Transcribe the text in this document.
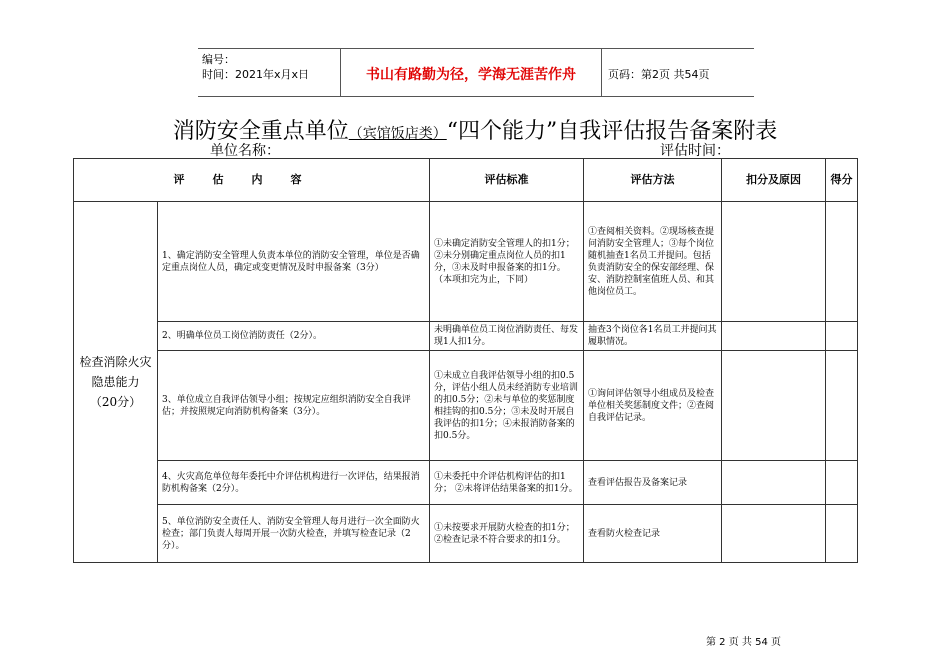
编号：
时间：2021年x月x日	书山有路勤为径，学海无涯苦作舟	页码：第2页 共54页
消防安全重点单位（宾馆饭店类）“四个能力”自我评估报告备案附表
单位名称：	评估时间：
评估内容		评估标准	评估方法	扣分及原因	得分
检查消除火灾隐患能力（20分）	1、确定消防安全管理人负责本单位的消防安全管理，单位是否确定重点岗位人员，确定或变更情况及时申报备案（3分）	①未确定消防安全管理人的扣1分；②未分别确定重点岗位人员的扣1分，③未及时申报备案的扣1分。（本项扣完为止，下同）	①查阅相关资料。②现场核查提问消防安全管理人；③每个岗位随机抽查1名员工并提问。包括负责消防安全的保安部经理、保安、消防控制室值班人员、和其他岗位员工。		
	2、明确单位员工岗位消防责任（2分）。	未明确单位员工岗位消防责任、每发现1人扣1分。	抽查3个岗位各1名员工并提问其履职情况。		
	3、单位成立自我评估领导小组；按规定应组织消防安全自我评估；并按照规定向消防机构备案（3分）。	①未成立自我评估领导小组的扣0.5分，评估小组人员未经消防专业培训的扣0.5分；②未与单位的奖惩制度相挂钩的扣0.5分；③未及时开展自我评估的扣1分；④未报消防备案的扣0.5分。	①询问评估领导小组成员及检查单位相关奖惩制度文件；②查阅自我评估记录。		
	4、火灾高危单位每年委托中介评估机构进行一次评估，结果报消防机构备案（2分）。	①未委托中介评估机构评估的扣1分； ②未将评估结果备案的扣1分。	查看评估报告及备案记录		
	5、单位消防安全责任人、消防安全管理人每月进行一次全面防火检查；部门负责人每周开展一次防火检查，并填写检查记录（2分）。	①未按要求开展防火检查的扣1分；②检查记录不符合要求的扣1分。	查看防火检查记录		
第 2 页 共 54 页
